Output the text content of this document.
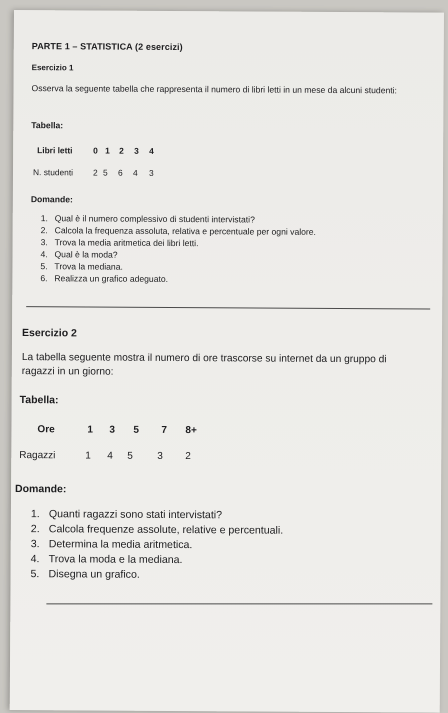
PARTE 1 – STATISTICA (2 esercizi)
Esercizio 1
Osserva la seguente tabella che rappresenta il numero di libri letti in un mese da alcuni studenti:
Tabella:
Libri letti 0 1 2 3 4
N. studenti 2 5 6 4 3
Domande:
1. Qual è il numero complessivo di studenti intervistati?
2. Calcola la frequenza assoluta, relativa e percentuale per ogni valore.
3. Trova la media aritmetica dei libri letti.
4. Qual è la moda?
5. Trova la mediana.
6. Realizza un grafico adeguato.
Esercizio 2
La tabella seguente mostra il numero di ore trascorse su internet da un gruppo di
ragazzi in un giorno:
Tabella:
Ore	1 3 5 7 8+
Ragazzi	1 4 5 3 2
Domande:
1. Quanti ragazzi sono stati intervistati?
2. Calcola frequenze assolute, relative e percentuali.
3. Determina la media aritmetica.
4. Trova la moda e la mediana.
5. Disegna un grafico.
